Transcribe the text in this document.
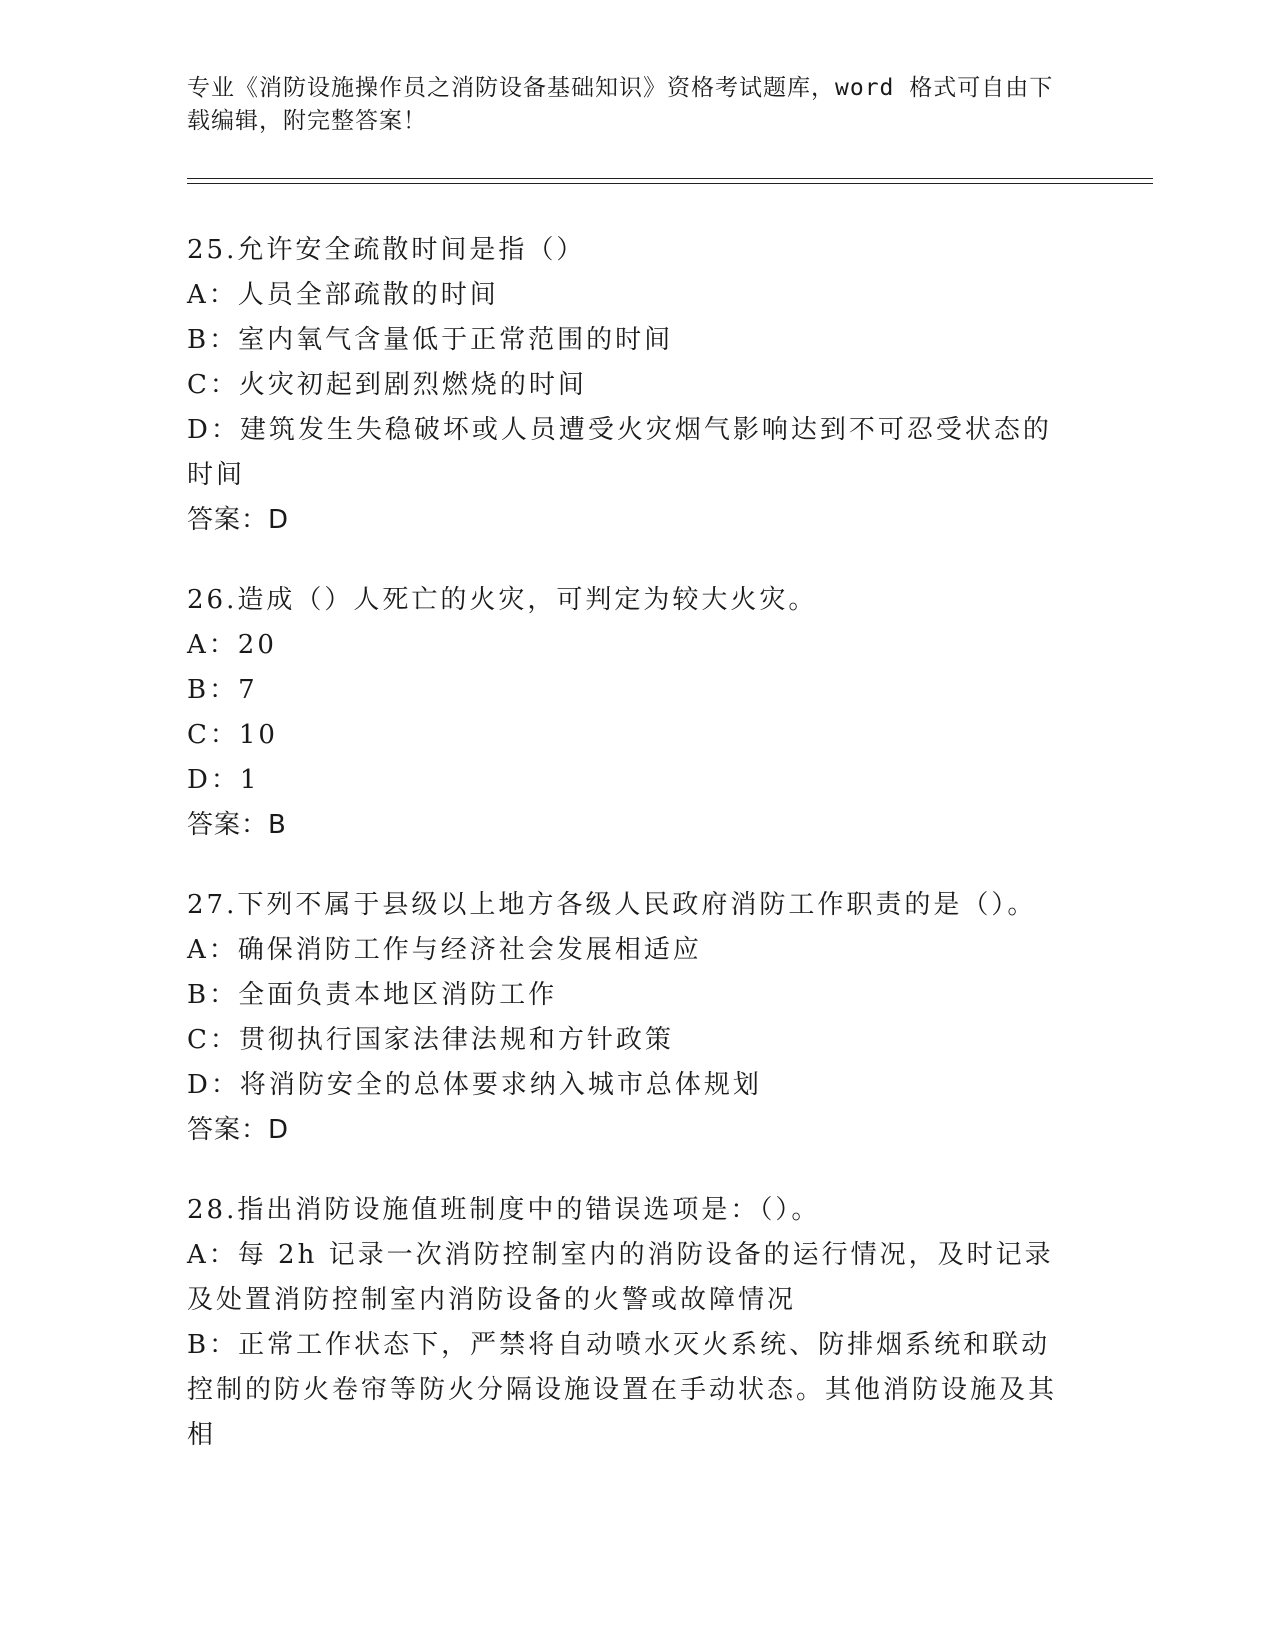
专业《消防设施操作员之消防设备基础知识》资格考试题库，word 格式可自由下载编辑，附完整答案！
25.允许安全疏散时间是指（）
A：人员全部疏散的时间
B：室内氧气含量低于正常范围的时间
C：火灾初起到剧烈燃烧的时间
D：建筑发生失稳破坏或人员遭受火灾烟气影响达到不可忍受状态的时间
答案：D
26.造成（）人死亡的火灾，可判定为较大火灾。
A：20
B：7
C：10
D：1
答案：B
27.下列不属于县级以上地方各级人民政府消防工作职责的是（）。
A：确保消防工作与经济社会发展相适应
B：全面负责本地区消防工作
C：贯彻执行国家法律法规和方针政策
D：将消防安全的总体要求纳入城市总体规划
答案：D
28.指出消防设施值班制度中的错误选项是：（）。
A：每 2h 记录一次消防控制室内的消防设备的运行情况，及时记录及处置消防控制室内消防设备的火警或故障情况
B：正常工作状态下，严禁将自动喷水灭火系统、防排烟系统和联动控制的防火卷帘等防火分隔设施设置在手动状态。其他消防设施及其相
